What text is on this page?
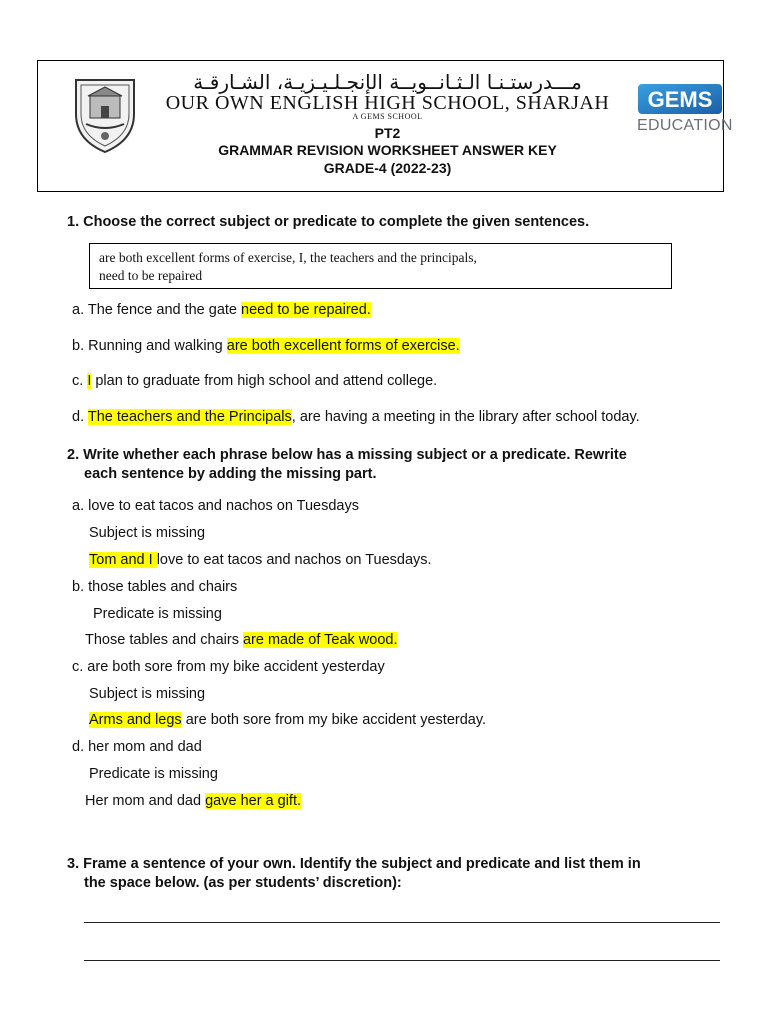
مـــدرستـنـا الـثـانــويــة الإنجـلـيـزيـة، الشـارقـة
OUR OWN ENGLISH HIGH SCHOOL, SHARJAH
A GEMS SCHOOL
GEMS
EDUCATION
PT2
GRAMMAR REVISION WORKSHEET ANSWER KEY
GRADE-4 (2022-23)
1. Choose the correct subject or predicate to complete the given sentences.
are both excellent forms of exercise, I, the teachers and the principals,
need to be repaired
a. The fence and the gate need to be repaired.
b. Running and walking are both excellent forms of exercise.
c. I plan to graduate from high school and attend college.
d. The teachers and the Principals, are having a meeting in the library after school today.
2. Write whether each phrase below has a missing subject or a predicate. Rewrite
each sentence by adding the missing part.
a. love to eat tacos and nachos on Tuesdays
Subject is missing
Tom and I love to eat tacos and nachos on Tuesdays.
b. those tables and chairs
Predicate is missing
Those tables and chairs are made of Teak wood.
c. are both sore from my bike accident yesterday
Subject is missing
Arms and legs are both sore from my bike accident yesterday.
d. her mom and dad
Predicate is missing
Her mom and dad gave her a gift.
3. Frame a sentence of your own. Identify the subject and predicate and list them in
the space below. (as per students’ discretion):
